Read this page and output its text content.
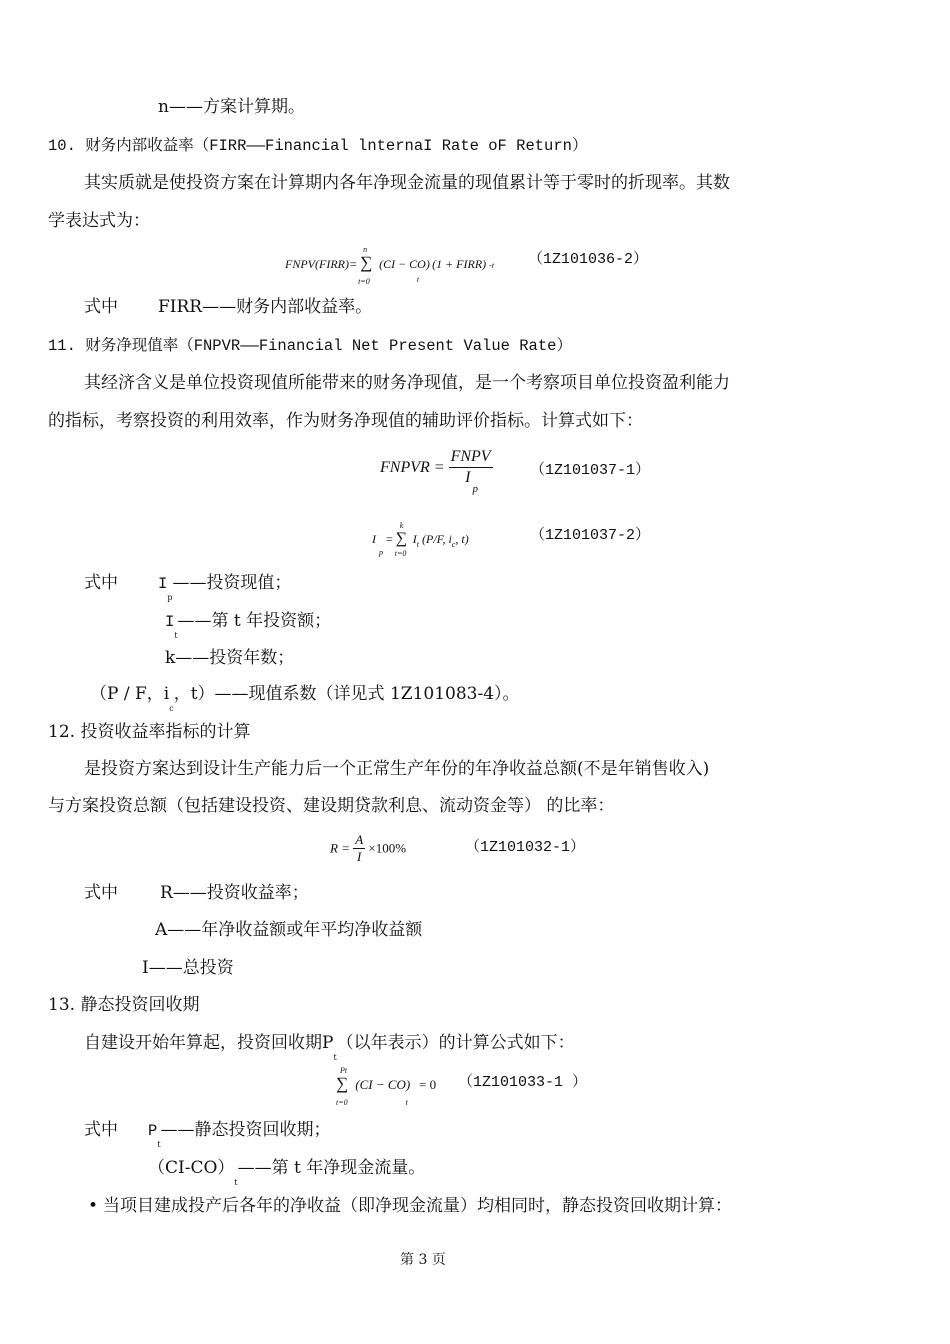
n——方案计算期。
10. 财务内部收益率（FIRR——Financial lnternaI Rate oF Return）
其实质就是使投资方案在计算期内各年净现金流量的现值累计等于零时的折现率。其数
学表达式为：
FNPV(FIRR)= ∑
n
t=0
(CI − CO) $_t$ (1 + FIRR) -t （1Z101036-2）
式中 FIRR——财务内部收益率。
11. 财务净现值率（FNPVR——Financial Net Present Value Rate）
其经济含义是单位投资现值所能带来的财务净现值，是一个考察项目单位投资盈利能力
的指标，考察投资的利用效率，作为财务净现值的辅助评价指标。计算式如下：
FNPVR = $\frac{\text{FNPV}}{I_p} (1Z101037-1)$
I $_p$ = ∑
k
t=0
$I_t$ (P/F, $i_c$, t)	（1Z101037-2）
式中	$I_p——$投资现值；
$I_t——$第 t 年投资额；
k——投资年数；
（P / F，$i_c$，t）——现值系数（详见式 1Z101083-4）。
12. 投资收益率指标的计算
是投资方案达到设计生产能力后一个正常生产年份的年净收益总额(不是年销售收入)
与方案投资总额（包括建设投资、建设期贷款利息、流动资金等） 的比率：
$R = \frac{A}{I} \times 100\%$	（1Z101032-1）
式中 R——投资收益率；
A——年净收益额或年平均净收益额
I——总投资
13. 静态投资回收期
自建设开始年算起，投资回收期$P_t$（以年表示）的计算公式如下：
∑
Pt
t=0
(CI − CO) $_t$ = 0 （1Z101033-1 ）
式中 $P_t——$静态投资回收期；
$(CI-CO)_t——$第 t 年净现金流量。
• 当项目建成投产后各年的净收益（即净现金流量）均相同时，静态投资回收期计算：
第 3 页
